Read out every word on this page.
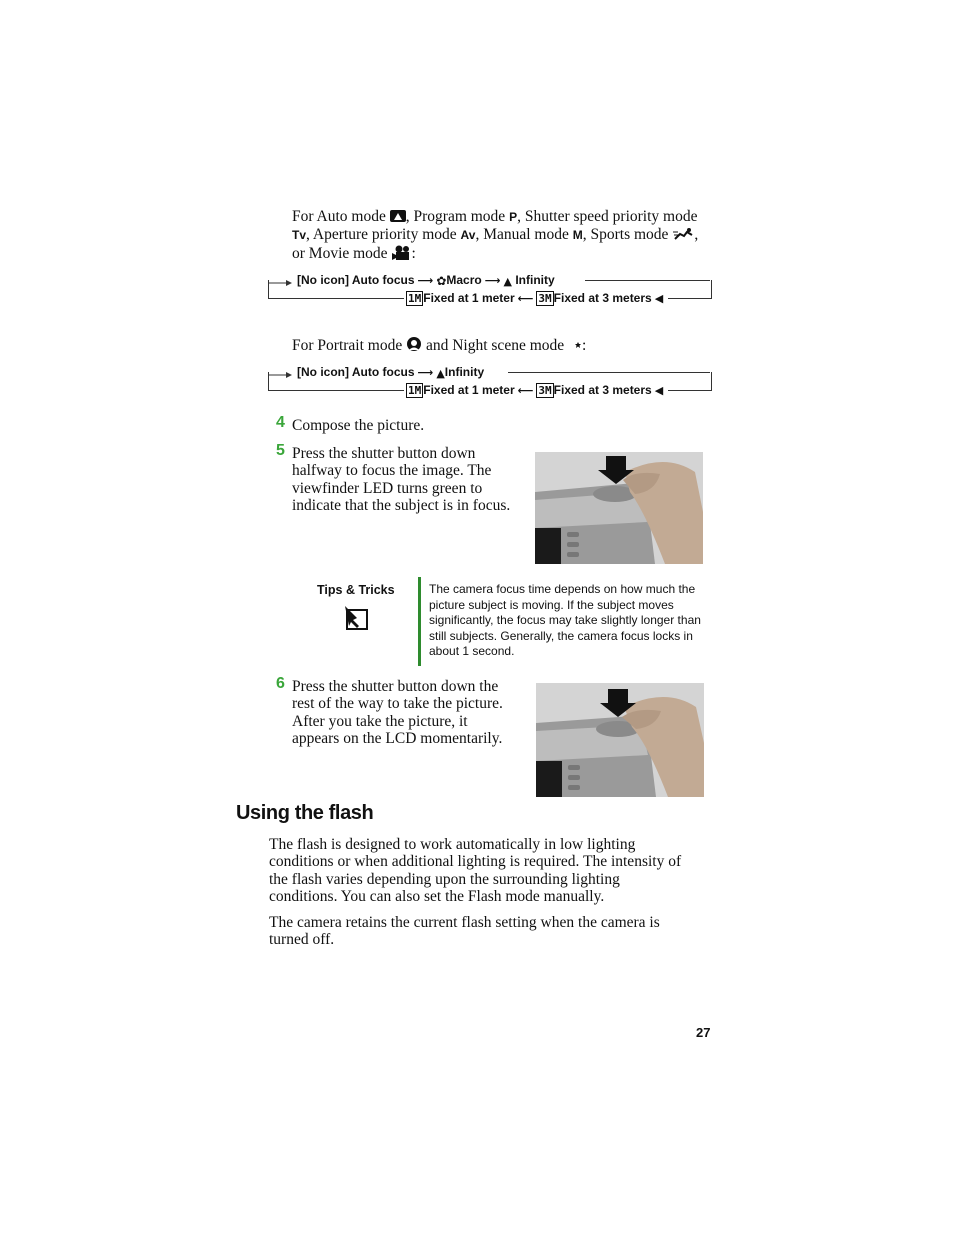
For Auto mode
, Program mode P, Shutter speed priority mode
Tv, Aperture priority mode Av, Manual mode M, Sports mode ,
or Movie mode :
[No icon] Auto focus ⟶ ✿Macro ⟶ ▲ Infinity
1M Fixed at 1 meter ⟵ 3M Fixed at 3 meters ◀
For Portrait mode  and Night scene mode :
[No icon] Auto focus ⟶ ▲Infinity
1M Fixed at 1 meter ⟵ 3M Fixed at 3 meters ◀
4 Compose the picture.
5 Press the shutter button down
halfway to focus the image. The
viewfinder LED turns green to
indicate that the subject is in focus.
Tips & Tricks	The camera focus time depends on how much the
picture subject is moving. If the subject moves
significantly, the focus may take slightly longer than
still subjects. Generally, the camera focus locks in
about 1 second.
6 Press the shutter button down the
rest of the way to take the picture.
After you take the picture, it
appears on the LCD momentarily.
Using the flash
The flash is designed to work automatically in low lighting
conditions or when additional lighting is required. The intensity of
the flash varies depending upon the surrounding lighting
conditions. You can also set the Flash mode manually.
The camera retains the current flash setting when the camera is
turned off.
27
